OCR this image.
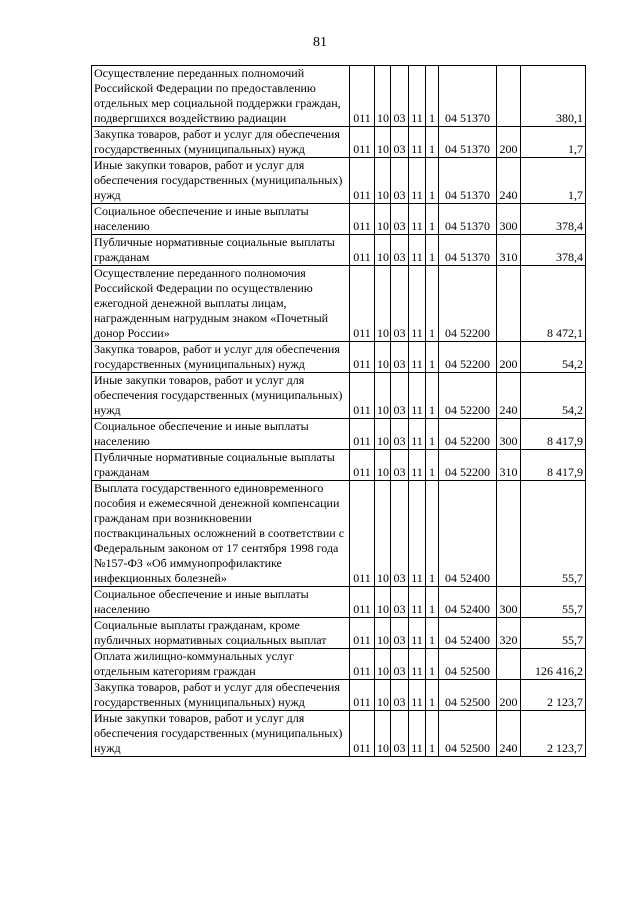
81
Осуществление переданных полномочий Российской Федерации по предоставлению отдельных мер социальной поддержки граждан, подвергшихся воздействию радиации	011	10	03	11	1	04 51370		380,1
Закупка товаров, работ и услуг для обеспечения государственных (муниципальных) нужд	011	10	03	11	1	04 51370	200	1,7
Иные закупки товаров, работ и услуг для обеспечения государственных (муниципальных) нужд	011	10	03	11	1	04 51370	240	1,7
Социальное обеспечение и иные выплаты населению	011	10	03	11	1	04 51370	300	378,4
Публичные нормативные социальные выплаты гражданам	011	10	03	11	1	04 51370	310	378,4
Осуществление переданного полномочия Российской Федерации по осуществлению ежегодной денежной выплаты лицам, награжденным нагрудным знаком «Почетный донор России»	011	10	03	11	1	04 52200		8 472,1
Закупка товаров, работ и услуг для обеспечения государственных (муниципальных) нужд	011	10	03	11	1	04 52200	200	54,2
Иные закупки товаров, работ и услуг для обеспечения государственных (муниципальных) нужд	011	10	03	11	1	04 52200	240	54,2
Социальное обеспечение и иные выплаты населению	011	10	03	11	1	04 52200	300	8 417,9
Публичные нормативные социальные выплаты гражданам	011	10	03	11	1	04 52200	310	8 417,9
Выплата государственного единовременного пособия и ежемесячной денежной компенсации гражданам при возникновении поствакцинальных осложнений в соответствии с Федеральным законом от 17 сентября 1998 года №157-ФЗ «Об иммунопрофилактике инфекционных болезней»	011	10	03	11	1	04 52400		55,7
Социальное обеспечение и иные выплаты населению	011	10	03	11	1	04 52400	300	55,7
Социальные выплаты гражданам, кроме публичных нормативных социальных выплат	011	10	03	11	1	04 52400	320	55,7
Оплата жилищно-коммунальных услуг отдельным категориям граждан	011	10	03	11	1	04 52500		126 416,2
Закупка товаров, работ и услуг для обеспечения государственных (муниципальных) нужд	011	10	03	11	1	04 52500	200	2 123,7
Иные закупки товаров, работ и услуг для обеспечения государственных (муниципальных) нужд	011	10	03	11	1	04 52500	240	2 123,7
